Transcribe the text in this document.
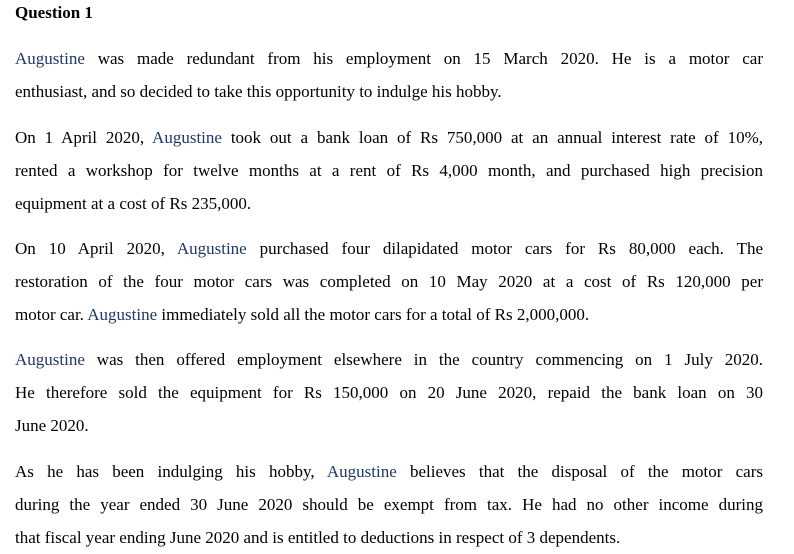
Question 1
Augustine was made redundant from his employment on 15 March 2020. He is a motor car
enthusiast, and so decided to take this opportunity to indulge his hobby.
On 1 April 2020, Augustine took out a bank loan of Rs 750,000 at an annual interest rate of 10%,
rented a workshop for twelve months at a rent of Rs 4,000 month, and purchased high precision
equipment at a cost of Rs 235,000.
On 10 April 2020, Augustine purchased four dilapidated motor cars for Rs 80,000 each. The
restoration of the four motor cars was completed on 10 May 2020 at a cost of Rs 120,000 per
motor car. Augustine immediately sold all the motor cars for a total of Rs 2,000,000.
Augustine was then offered employment elsewhere in the country commencing on 1 July 2020.
He therefore sold the equipment for Rs 150,000 on 20 June 2020, repaid the bank loan on 30
June 2020.
As he has been indulging his hobby, Augustine believes that the disposal of the motor cars
during the year ended 30 June 2020 should be exempt from tax. He had no other income during
that fiscal year ending June 2020 and is entitled to deductions in respect of 3 dependents.
